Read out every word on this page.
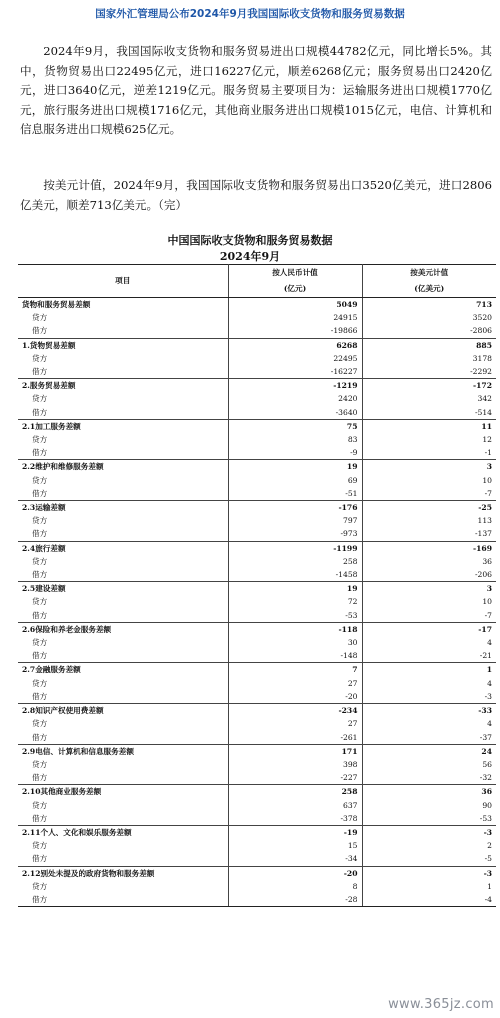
国家外汇管理局公布2024年9月我国国际收支货物和服务贸易数据

2024年9月，我国国际收支货物和服务贸易进出口规模44782亿元，同比增长5%。其中，货物贸易出口22495亿元，进口16227亿元，顺差6268亿元；服务贸易出口2420亿元，进口3640亿元，逆差1219亿元。服务贸易主要项目为：运输服务进出口规模1770亿元，旅行服务进出口规模1716亿元，其他商业服务进出口规模1015亿元，电信、计算机和信息服务进出口规模625亿元。

按美元计值，2024年9月，我国国际收支货物和服务贸易出口3520亿美元，进口2806亿美元，顺差713亿美元。（完）

中国国际收支货物和服务贸易数据
2024年9月
项目	按人民币计值	按美元计值
	(亿元)	(亿美元)
货物和服务贸易差额	5049	713
贷方	24915	3520
借方	-19866	-2806
1.货物贸易差额	6268	885
贷方	22495	3178
借方	-16227	-2292
2.服务贸易差额	-1219	-172
贷方	2420	342
借方	-3640	-514
2.1加工服务差额	75	11
贷方	83	12
借方	-9	-1
2.2维护和维修服务差额	19	3
贷方	69	10
借方	-51	-7
2.3运输差额	-176	-25
贷方	797	113
借方	-973	-137
2.4旅行差额	-1199	-169
贷方	258	36
借方	-1458	-206
2.5建设差额	19	3
贷方	72	10
借方	-53	-7
2.6保险和养老金服务差额	-118	-17
贷方	30	4
借方	-148	-21
2.7金融服务差额	7	1
贷方	27	4
借方	-20	-3
2.8知识产权使用费差额	-234	-33
贷方	27	4
借方	-261	-37
2.9电信、计算机和信息服务差额	171	24
贷方	398	56
借方	-227	-32
2.10其他商业服务差额	258	36
贷方	637	90
借方	-378	-53
2.11个人、文化和娱乐服务差额	-19	-3
贷方	15	2
借方	-34	-5
2.12别处未提及的政府货物和服务差额	-20	-3
贷方	8	1
借方	-28	-4
www.365jz.com
